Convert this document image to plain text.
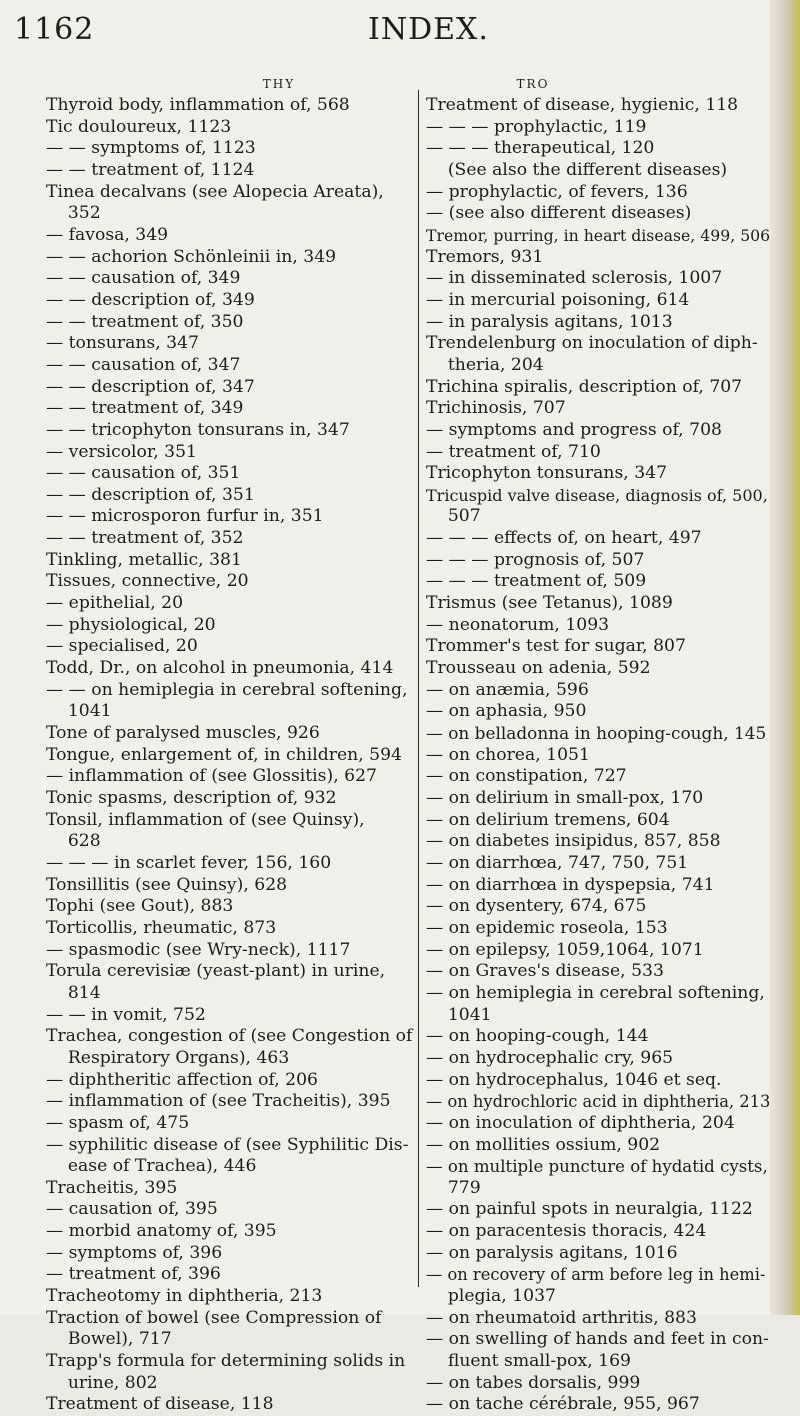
1162	INDEX.
THY
Thyroid body, inflammation of, 568
Tic douloureux, 1123
— — symptoms of, 1123
— — treatment of, 1124
Tinea decalvans (see Alopecia Areata),
352
— favosa, 349
— — achorion Schönleinii in, 349
— — causation of, 349
— — description of, 349
— — treatment of, 350
— tonsurans, 347
— — causation of, 347
— — description of, 347
— — treatment of, 349
— — tricophyton tonsurans in, 347
— versicolor, 351
— — causation of, 351
— — description of, 351
— — microsporon furfur in, 351
— — treatment of, 352
Tinkling, metallic, 381
Tissues, connective, 20
— epithelial, 20
— physiological, 20
— specialised, 20
Todd, Dr., on alcohol in pneumonia, 414
— — on hemiplegia in cerebral softening,
1041
Tone of paralysed muscles, 926
Tongue, enlargement of, in children, 594
— inflammation of (see Glossitis), 627
Tonic spasms, description of, 932
Tonsil, inflammation of (see Quinsy),
628
— — — in scarlet fever, 156, 160
Tonsillitis (see Quinsy), 628
Tophi (see Gout), 883
Torticollis, rheumatic, 873
— spasmodic (see Wry-neck), 1117
Torula cerevisiæ (yeast-plant) in urine,
814
— — in vomit, 752
Trachea, congestion of (see Congestion of
Respiratory Organs), 463
— diphtheritic affection of, 206
— inflammation of (see Tracheitis), 395
— spasm of, 475
— syphilitic disease of (see Syphilitic Dis-
ease of Trachea), 446
Tracheitis, 395
— causation of, 395
— morbid anatomy of, 395
— symptoms of, 396
— treatment of, 396
Tracheotomy in diphtheria, 213
Traction of bowel (see Compression of
Bowel), 717
Trapp's formula for determining solids in
urine, 802
Treatment of disease, 118
TRO
Treatment of disease, hygienic, 118
— — — prophylactic, 119
— — — therapeutical, 120
(See also the different diseases)
— prophylactic, of fevers, 136
— (see also different diseases)
Tremor, purring, in heart disease, 499, 506
Tremors, 931
— in disseminated sclerosis, 1007
— in mercurial poisoning, 614
— in paralysis agitans, 1013
Trendelenburg on inoculation of diph-
theria, 204
Trichina spiralis, description of, 707
Trichinosis, 707
— symptoms and progress of, 708
— treatment of, 710
Tricophyton tonsurans, 347
Tricuspid valve disease, diagnosis of, 500,
507
— — — effects of, on heart, 497
— — — prognosis of, 507
— — — treatment of, 509
Trismus (see Tetanus), 1089
— neonatorum, 1093
Trommer's test for sugar, 807
Trousseau on adenia, 592
— on anæmia, 596
— on aphasia, 950
— on belladonna in hooping-cough, 145
— on chorea, 1051
— on constipation, 727
— on delirium in small-pox, 170
— on delirium tremens, 604
— on diabetes insipidus, 857, 858
— on diarrhœa, 747, 750, 751
— on diarrhœa in dyspepsia, 741
— on dysentery, 674, 675
— on epidemic roseola, 153
— on epilepsy, 1059,1064, 1071
— on Graves's disease, 533
— on hemiplegia in cerebral softening,
1041
— on hooping-cough, 144
— on hydrocephalic cry, 965
— on hydrocephalus, 1046 et seq.
— on hydrochloric acid in diphtheria, 213
— on inoculation of diphtheria, 204
— on mollities ossium, 902
— on multiple puncture of hydatid cysts,
779
— on painful spots in neuralgia, 1122
— on paracentesis thoracis, 424
— on paralysis agitans, 1016
— on recovery of arm before leg in hemi-
plegia, 1037
— on rheumatoid arthritis, 883
— on swelling of hands and feet in con-
fluent small-pox, 169
— on tabes dorsalis, 999
— on tache cérébrale, 955, 967
